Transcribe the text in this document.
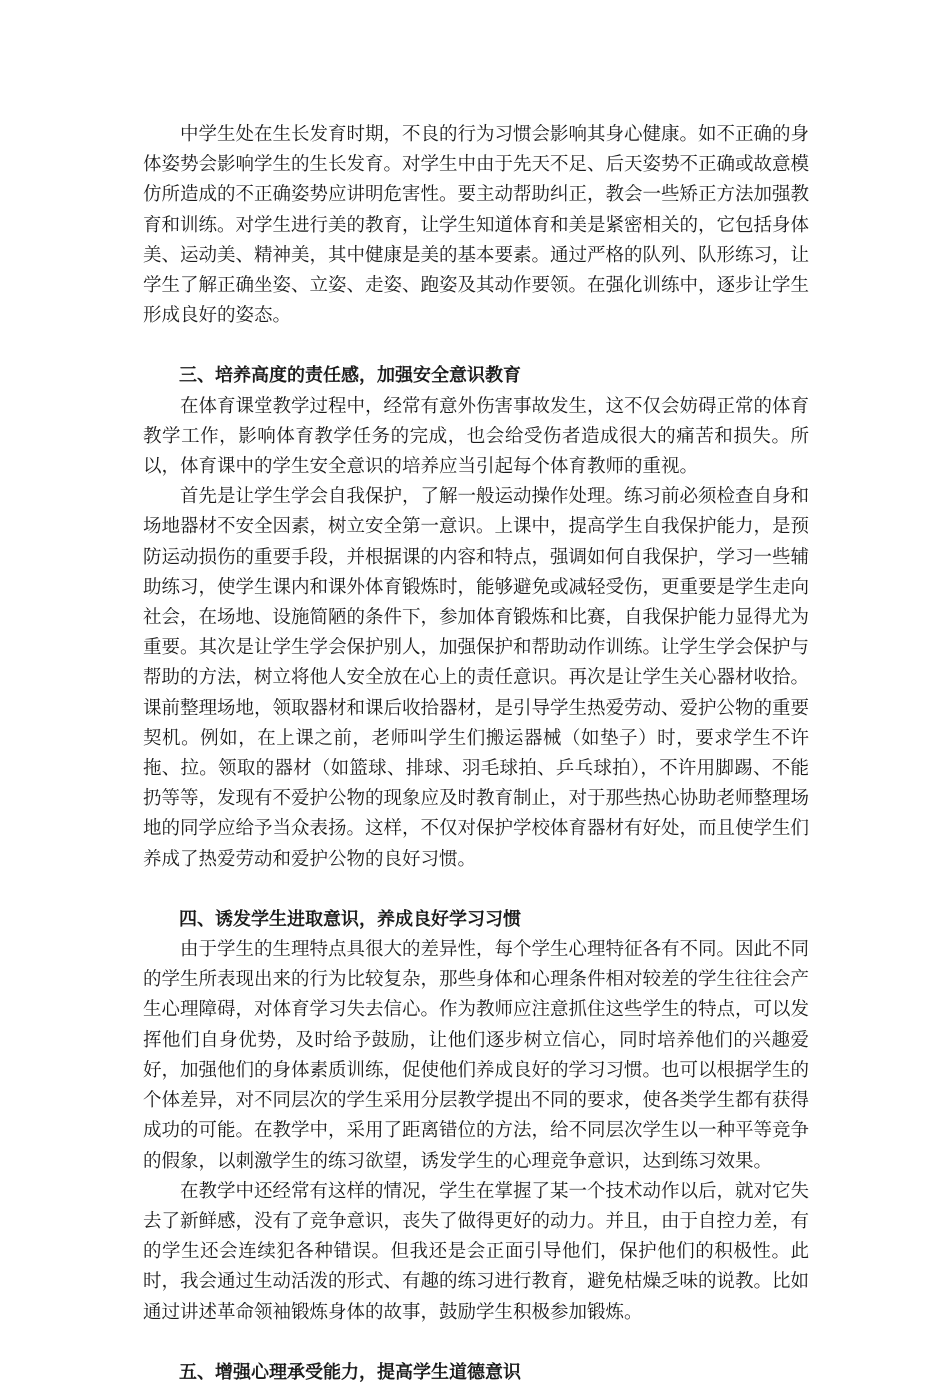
中学生处在生长发育时期，不良的行为习惯会影响其身心健康。如不正确的身体姿势会影响学生的生长发育。对学生中由于先天不足、后天姿势不正确或故意模仿所造成的不正确姿势应讲明危害性。要主动帮助纠正，教会一些矫正方法加强教育和训练。对学生进行美的教育，让学生知道体育和美是紧密相关的，它包括身体美、运动美、精神美，其中健康是美的基本要素。通过严格的队列、队形练习，让学生了解正确坐姿、立姿、走姿、跑姿及其动作要领。在强化训练中，逐步让学生形成良好的姿态。

三、培养高度的责任感，加强安全意识教育

在体育课堂教学过程中，经常有意外伤害事故发生，这不仅会妨碍正常的体育教学工作，影响体育教学任务的完成，也会给受伤者造成很大的痛苦和损失。所以，体育课中的学生安全意识的培养应当引起每个体育教师的重视。

首先是让学生学会自我保护，了解一般运动操作处理。练习前必须检查自身和场地器材不安全因素，树立安全第一意识。上课中，提高学生自我保护能力，是预防运动损伤的重要手段，并根据课的内容和特点，强调如何自我保护，学习一些辅助练习，使学生课内和课外体育锻炼时，能够避免或减轻受伤，更重要是学生走向社会，在场地、设施简陋的条件下，参加体育锻炼和比赛，自我保护能力显得尤为重要。其次是让学生学会保护别人，加强保护和帮助动作训练。让学生学会保护与帮助的方法，树立将他人安全放在心上的责任意识。再次是让学生关心器材收拾。课前整理场地，领取器材和课后收拾器材，是引导学生热爱劳动、爱护公物的重要契机。例如，在上课之前，老师叫学生们搬运器械（如垫子）时，要求学生不许拖、拉。领取的器材（如篮球、排球、羽毛球拍、乒乓球拍），不许用脚踢、不能扔等等，发现有不爱护公物的现象应及时教育制止，对于那些热心协助老师整理场地的同学应给予当众表扬。这样，不仅对保护学校体育器材有好处，而且使学生们养成了热爱劳动和爱护公物的良好习惯。

四、诱发学生进取意识，养成良好学习习惯

由于学生的生理特点具很大的差异性，每个学生心理特征各有不同。因此不同的学生所表现出来的行为比较复杂，那些身体和心理条件相对较差的学生往往会产生心理障碍，对体育学习失去信心。作为教师应注意抓住这些学生的特点，可以发挥他们自身优势，及时给予鼓励，让他们逐步树立信心，同时培养他们的兴趣爱好，加强他们的身体素质训练，促使他们养成良好的学习习惯。也可以根据学生的个体差异，对不同层次的学生采用分层教学提出不同的要求，使各类学生都有获得成功的可能。在教学中，采用了距离错位的方法，给不同层次学生以一种平等竞争的假象，以刺激学生的练习欲望，诱发学生的心理竞争意识，达到练习效果。

在教学中还经常有这样的情况，学生在掌握了某一个技术动作以后，就对它失去了新鲜感，没有了竞争意识，丧失了做得更好的动力。并且，由于自控力差，有的学生还会连续犯各种错误。但我还是会正面引导他们，保护他们的积极性。此时，我会通过生动活泼的形式、有趣的练习进行教育，避免枯燥乏味的说教。比如通过讲述革命领袖锻炼身体的故事，鼓励学生积极参加锻炼。

五、增强心理承受能力，提高学生道德意识
